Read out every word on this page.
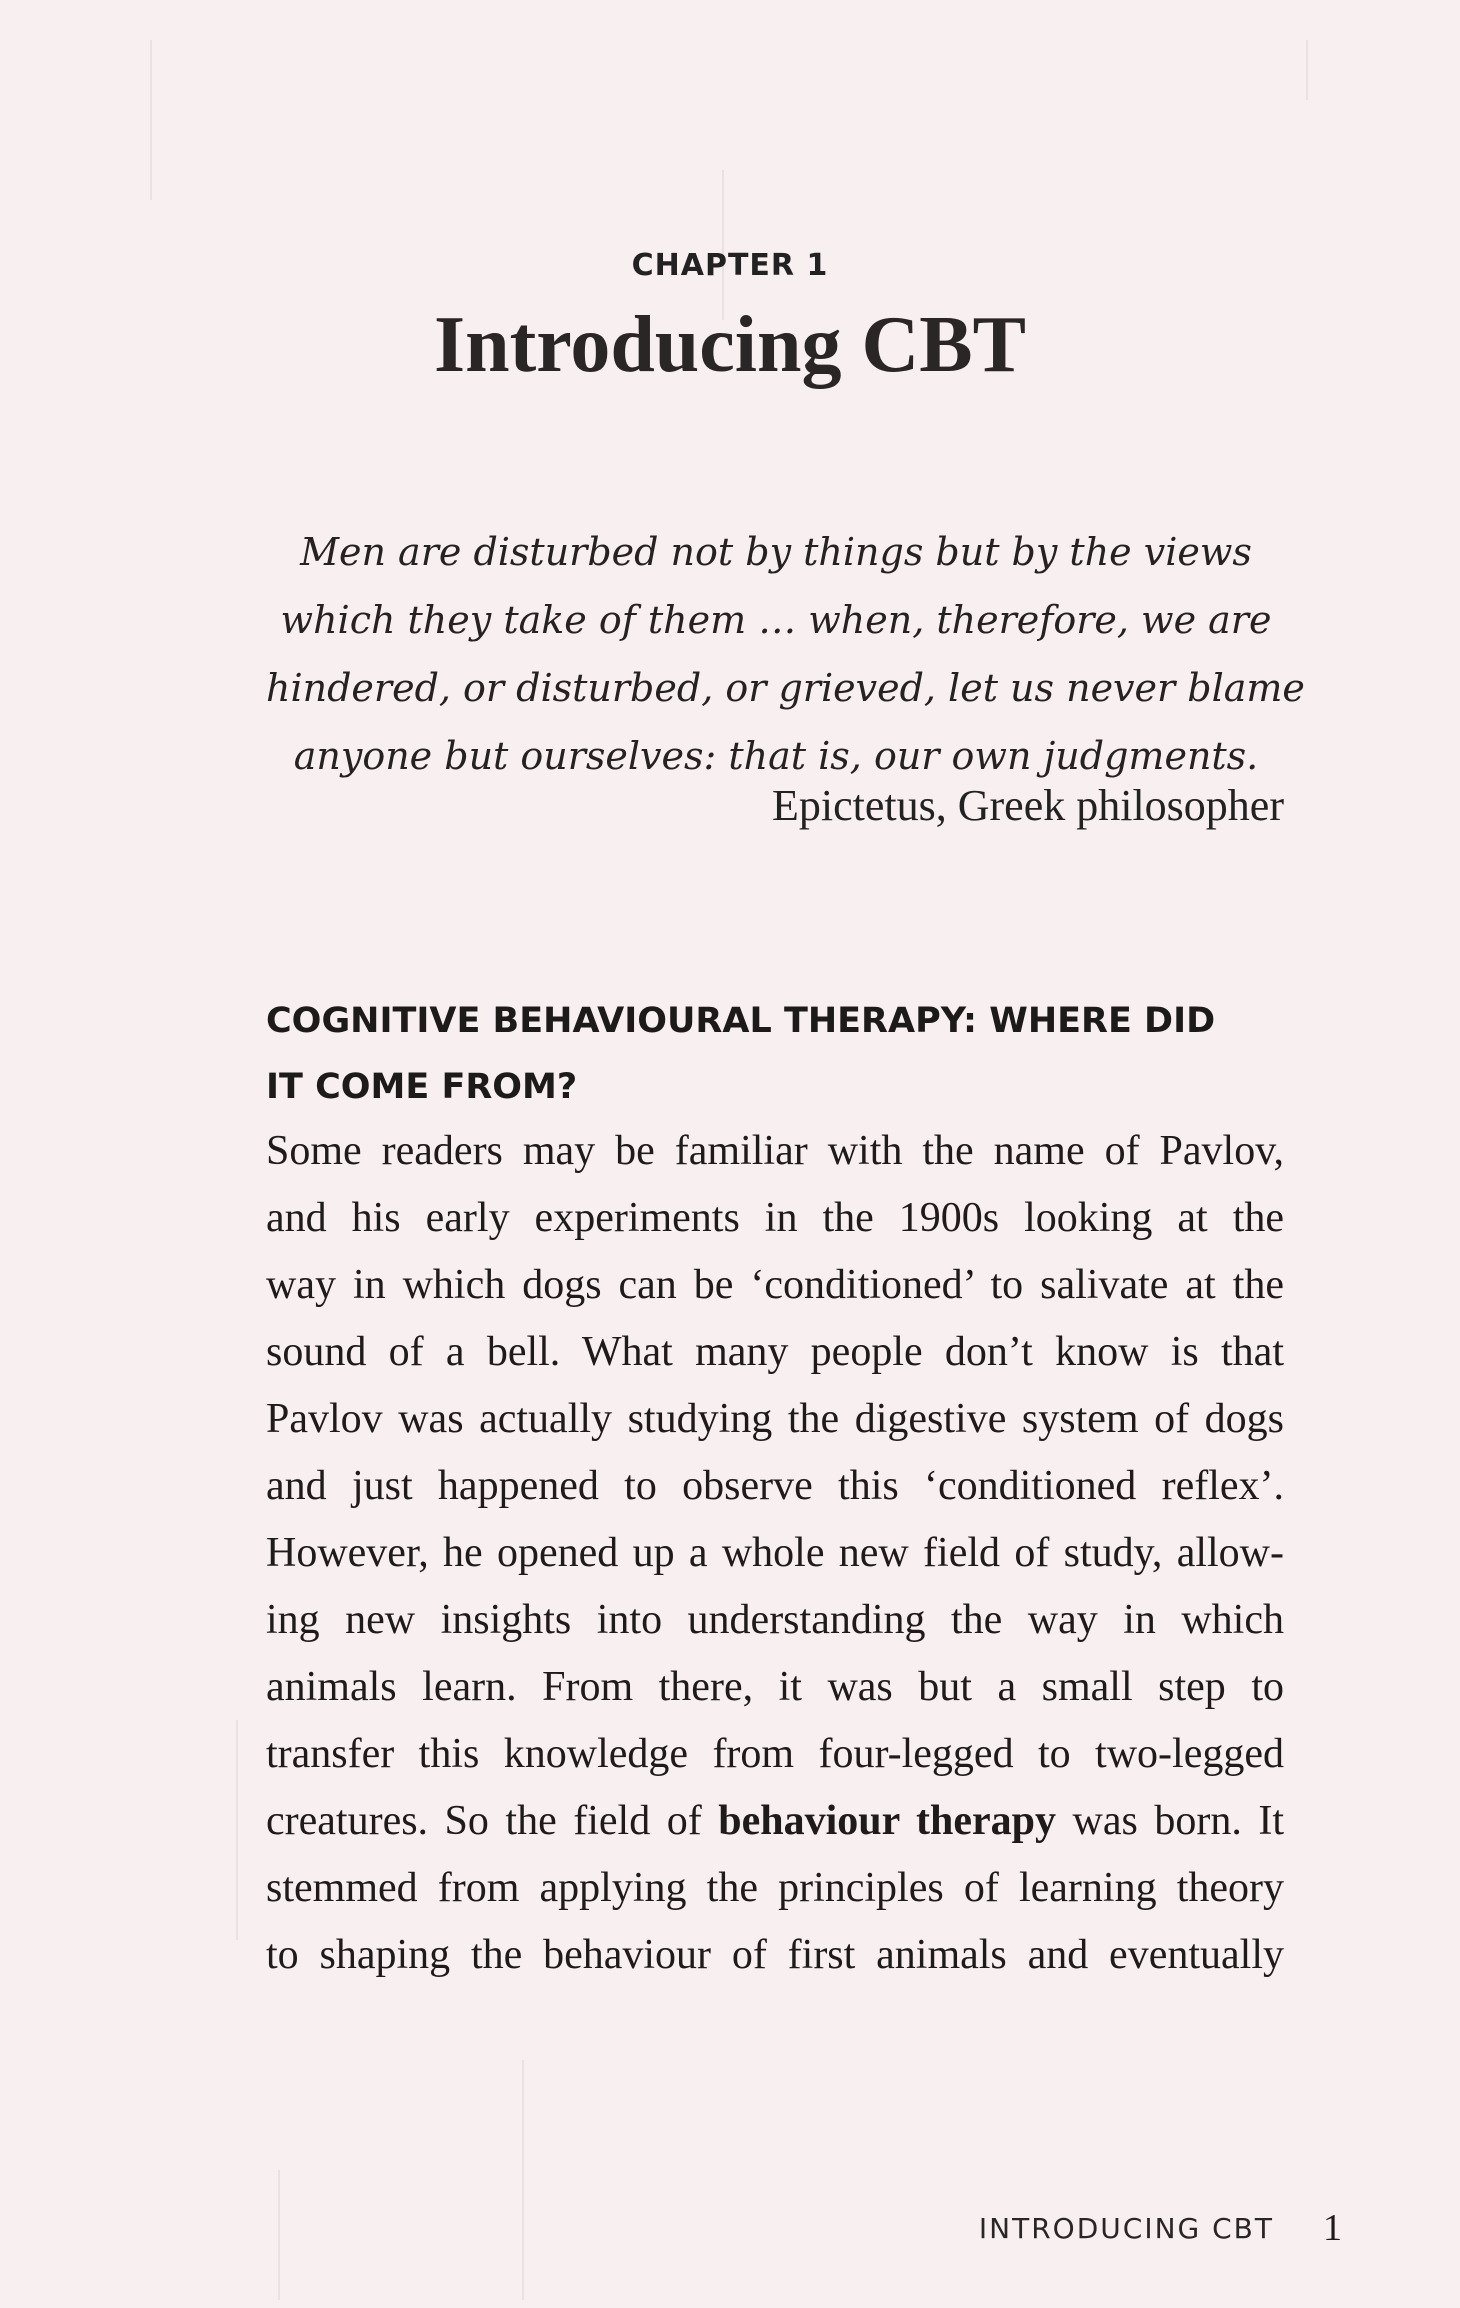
CHAPTER 1
Introducing CBT
Men are disturbed not by things but by the views
which they take of them … when, therefore, we are
hindered, or disturbed, or grieved, let us never blame
anyone but ourselves: that is, our own judgments.
Epictetus, Greek philosopher
COGNITIVE BEHAVIOURAL THERAPY: WHERE DID
IT COME FROM?
Some readers may be familiar with the name of Pavlov,
and his early experiments in the 1900s looking at the
way in which dogs can be ‘conditioned’ to salivate at the
sound of a bell. What many people don’t know is that
Pavlov was actually studying the digestive system of dogs
and just happened to observe this ‘conditioned reflex’.
However, he opened up a whole new field of study, allow-
ing new insights into understanding the way in which
animals learn. From there, it was but a small step to
transfer this knowledge from four-legged to two-legged
creatures. So the field of behaviour therapy was born. It
stemmed from applying the principles of learning theory
to shaping the behaviour of first animals and eventually
INTRODUCING CBT 1
